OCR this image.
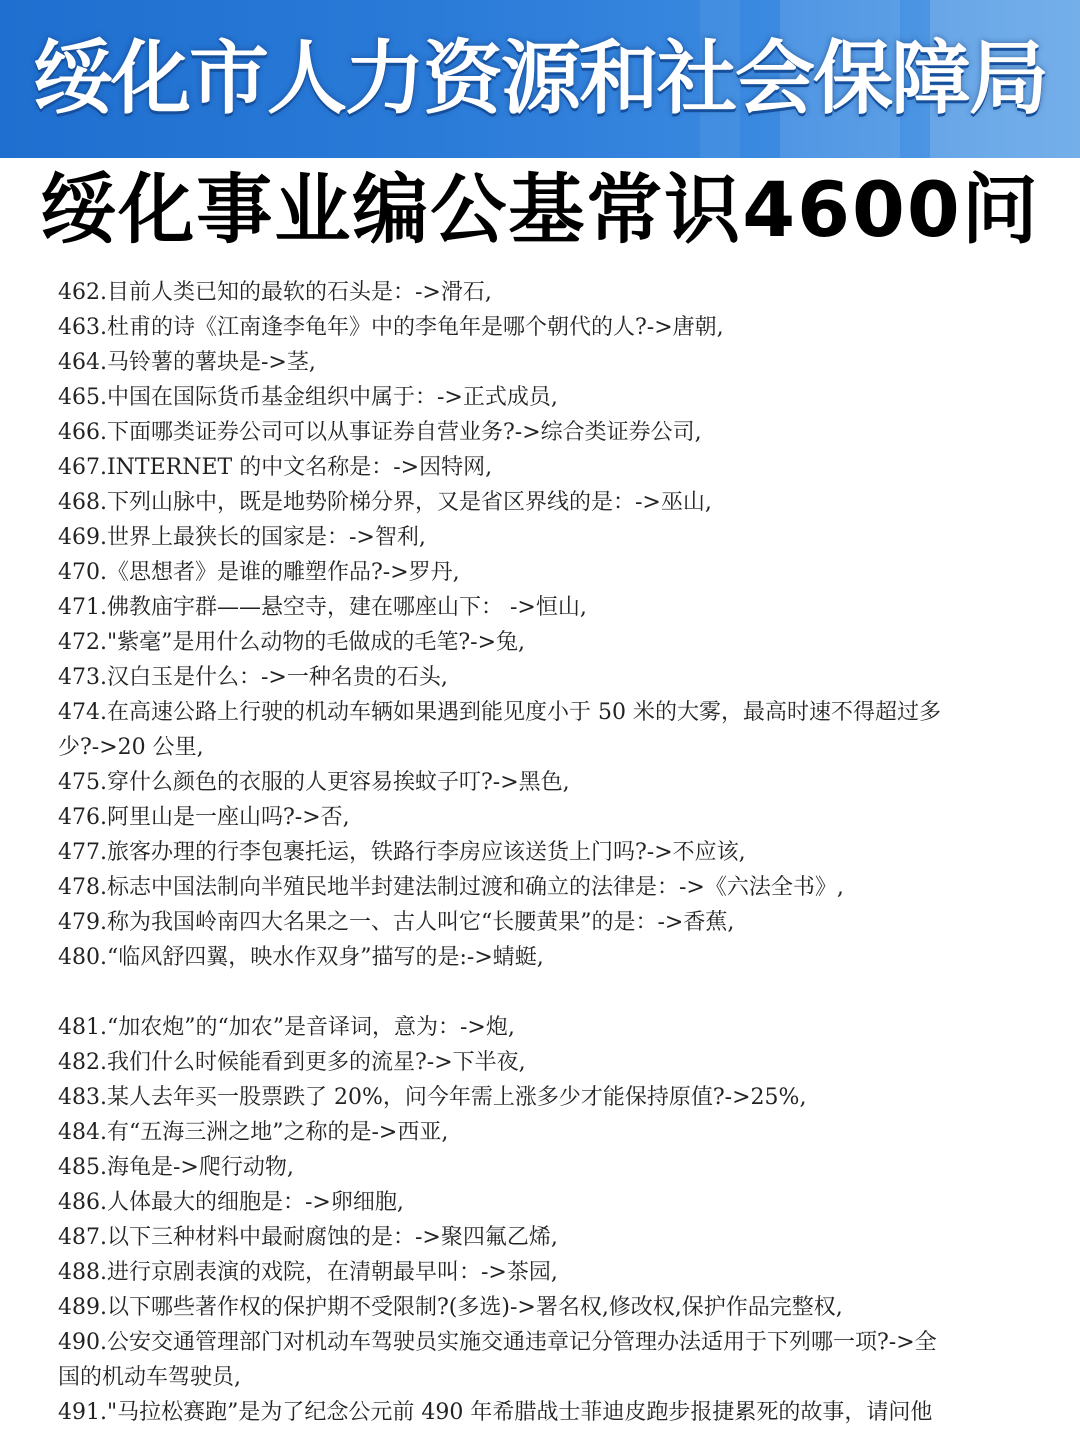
绥化市人力资源和社会保障局
绥化事业编公基常识4600问
462.目前人类已知的最软的石头是：->滑石,
463.杜甫的诗《江南逢李龟年》中的李龟年是哪个朝代的人?->唐朝,
464.马铃薯的薯块是->茎,
465.中国在国际货币基金组织中属于：->正式成员,
466.下面哪类证券公司可以从事证券自营业务?->综合类证券公司,
467.INTERNET 的中文名称是：->因特网,
468.下列山脉中，既是地势阶梯分界，又是省区界线的是：->巫山,
469.世界上最狭长的国家是：->智利,
470.《思想者》是谁的雕塑作品?->罗丹,
471.佛教庙宇群——悬空寺，建在哪座山下： ->恒山,
472."紫毫”是用什么动物的毛做成的毛笔?->兔,
473.汉白玉是什么：->一种名贵的石头,
474.在高速公路上行驶的机动车辆如果遇到能见度小于 50 米的大雾，最高时速不得超过多
少?->20 公里,
475.穿什么颜色的衣服的人更容易挨蚊子叮?->黑色,
476.阿里山是一座山吗?->否,
477.旅客办理的行李包裹托运，铁路行李房应该送货上门吗?->不应该,
478.标志中国法制向半殖民地半封建法制过渡和确立的法律是：->《六法全书》,
479.称为我国岭南四大名果之一、古人叫它“长腰黄果”的是：->香蕉,
480.“临风舒四翼，映水作双身”描写的是:->蜻蜓,
481.“加农炮”的“加农”是音译词，意为：->炮,
482.我们什么时候能看到更多的流星?->下半夜,
483.某人去年买一股票跌了 20%，问今年需上涨多少才能保持原值?->25%,
484.有“五海三洲之地”之称的是->西亚,
485.海龟是->爬行动物,
486.人体最大的细胞是：->卵细胞,
487.以下三种材料中最耐腐蚀的是：->聚四氟乙烯,
488.进行京剧表演的戏院，在清朝最早叫：->茶园,
489.以下哪些著作权的保护期不受限制?(多选)->署名权,修改权,保护作品完整权,
490.公安交通管理部门对机动车驾驶员实施交通违章记分管理办法适用于下列哪一项?->全
国的机动车驾驶员,
491."马拉松赛跑”是为了纪念公元前 490 年希腊战士菲迪皮跑步报捷累死的故事，请问他
